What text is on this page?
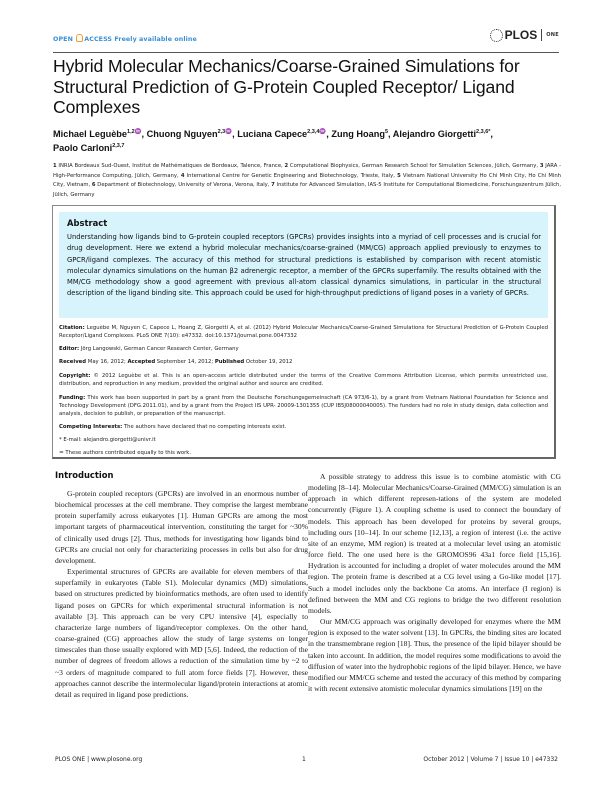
OPEN ACCESS Freely available online	PLOS ONE
Hybrid Molecular Mechanics/Coarse-Grained Simulations for Structural Prediction of G-Protein Coupled Receptor/ Ligand Complexes
Michael Leguèbe$^{1,2♒}$, Chuong Nguyen$^{2,3♒}$, Luciana Capece$^{2,3,4♒}$, Zung Hoang$^5$, Alejandro Giorgetti$^{2,3,6*}$,
Paolo Carloni$^{2,3,7}$
1 INRIA Bordeaux Sud-Ouest, Institut de Mathématiques de Bordeaux, Talence, France, 2 Computational Biophysics, German Research School for Simulation Sciences, Jülich, Germany, 3 JARA - High-Performance Computing, Jülich, Germany, 4 International Centre for Genetic Engineering and Biotechnology, Trieste, Italy, 5 Vietnam National University Ho Chi Minh City, Ho Chi Minh City, Vietnam, 6 Department of Biotechnology, University of Verona, Verona, Italy, 7 Institute for Advanced Simulation, IAS-5 Institute for Computational Biomedicine, Forschungszentrum Jülich, Jülich, Germany
Abstract

Understanding how ligands bind to G-protein coupled receptors (GPCRs) provides insights into a myriad of cell processes and is crucial for drug development. Here we extend a hybrid molecular mechanics/coarse-grained (MM/CG) approach applied previously to enzymes to GPCR/ligand complexes. The accuracy of this method for structural predictions is established by comparison with recent atomistic molecular dynamics simulations on the human β2 adrenergic receptor, a member of the GPCRs superfamily. The results obtained with the MM/CG methodology show a good agreement with previous all-atom classical dynamics simulations, in particular in the structural description of the ligand binding site. This approach could be used for high-throughput predictions of ligand poses in a variety of GPCRs.

Citation: Leguèbe M, Nguyen C, Capece L, Hoang Z, Giorgetti A, et al. (2012) Hybrid Molecular Mechanics/Coarse-Grained Simulations for Structural Prediction of G-Protein Coupled Receptor/Ligand Complexes. PLoS ONE 7(10): e47332. doi:10.1371/journal.pone.0047332
Editor: Jörg Langowski, German Cancer Research Center, Germany
Received May 16, 2012; Accepted September 14, 2012; Published October 19, 2012
Copyright: © 2012 Leguèbe et al. This is an open-access article distributed under the terms of the Creative Commons Attribution License, which permits unrestricted use, distribution, and reproduction in any medium, provided the original author and source are credited.
Funding: This work has been supported in part by a grant from the Deutsche Forschungsgemeinschaft (CA 973/6-1), by a grant from Vietnam National Foundation for Science and Technology Development (DFG.2011.01), and by a grant from the Project IIS UPR- 20009-1301355 (CUP IB5J08000040005). The funders had no role in study design, data collection and analysis, decision to publish, or preparation of the manuscript.
Competing Interests: The authors have declared that no competing interests exist.
* E-mail: alejandro.giorgetti@univr.it
♒ These authors contributed equally to this work.
Introduction

G-protein coupled receptors (GPCRs) are involved in an enormous number of biochemical processes at the cell membrane. They comprise the largest membrane protein superfamily across eukaryotes [1]. Human GPCRs are among the most important targets of pharmaceutical intervention, constituting the target for ~30% of clinically used drugs [2]. Thus, methods for investigating how ligands bind to GPCRs are crucial not only for characterizing processes in cells but also for drug development.

Experimental structures of GPCRs are available for eleven members of that superfamily in eukaryotes (Table S1). Molecular dynamics (MD) simulations, based on structures predicted by bioinformatics methods, are often used to identify ligand poses on GPCRs for which experimental structural information is not available [3]. This approach can be very CPU intensive [4], especially to characterize large numbers of ligand/receptor complexes. On the other hand, coarse-grained (CG) approaches allow the study of large systems on longer timescales than those usually explored with MD [5,6]. Indeed, the reduction of the number of degrees of freedom allows a reduction of the simulation time by ~2 to ~3 orders of magnitude compared to full atom force fields [7]. However, these approaches cannot describe the intermolecular ligand/protein interactions at atomic detail as required in ligand pose predictions.

A possible strategy to address this issue is to combine atomistic with CG modeling [8–14]. Molecular Mechanics/Coarse-Grained (MM/CG) simulation is an approach in which different represen-tations of the system are modeled concurrently (Figure 1). A coupling scheme is used to connect the boundary of models. This approach has been developed for proteins by several groups, including ours [10–14]. In our scheme [12,13], a region of interest (i.e. the active site of an enzyme, MM region) is treated at a molecular level using an atomistic force field. The one used here is the GROMOS96 43a1 force field [15,16]. Hydration is accounted for including a droplet of water molecules around the MM region. The protein frame is described at a CG level using a Go-like model [17]. Such a model includes only the backbone Cα atoms. An interface (I region) is defined between the MM and CG regions to bridge the two different resolution models.

Our MM/CG approach was originally developed for enzymes where the MM region is exposed to the water solvent [13]. In GPCRs, the binding sites are located in the transmembrane region [18]. Thus, the presence of the lipid bilayer should be taken into account. In addition, the model requires some modifications to avoid the diffusion of water into the hydrophobic regions of the lipid bilayer. Hence, we have modified our MM/CG scheme and tested the accuracy of this method by comparing it with recent extensive atomistic molecular dynamics simulations [19] on the

PLOS ONE | www.plosone.org	1	October 2012 | Volume 7 | Issue 10 | e47332
